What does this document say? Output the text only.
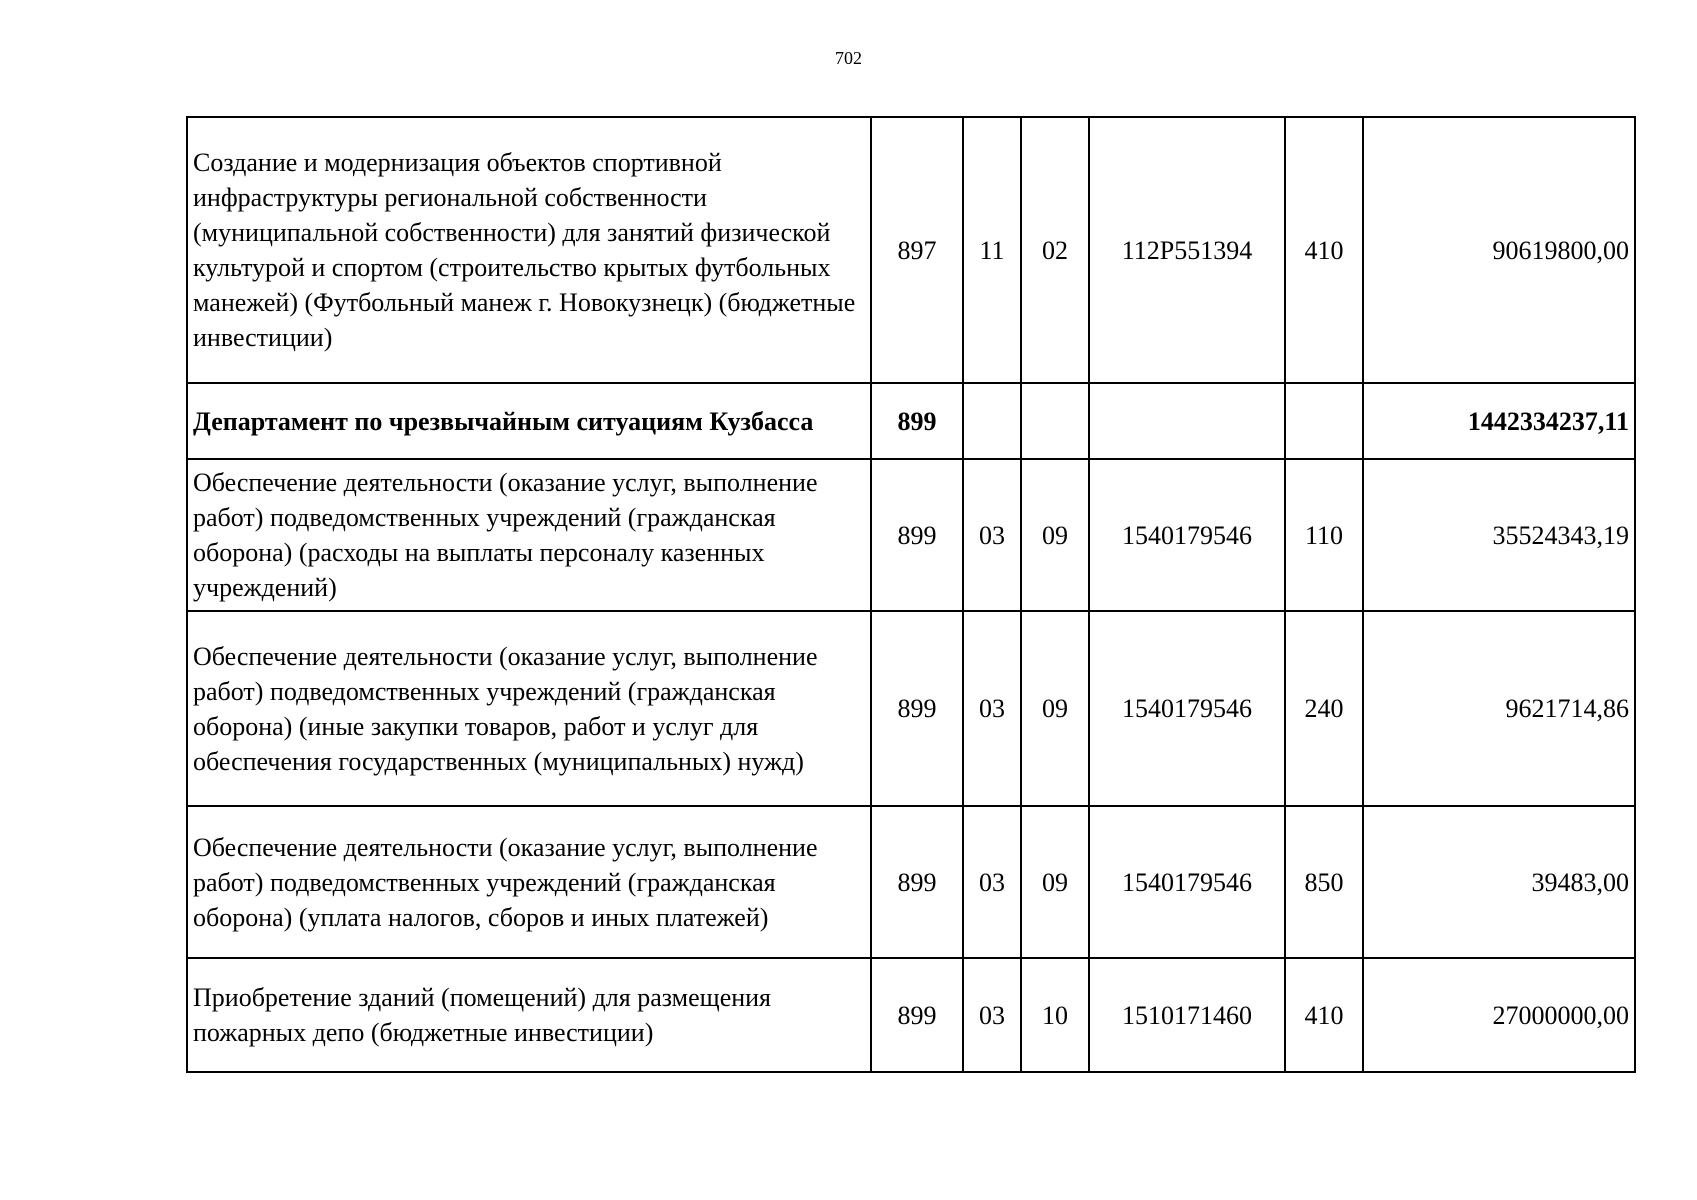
702
Создание и модернизация объектов спортивной инфраструктуры региональной собственности (муниципальной собственности) для занятий физической культурой и спортом (строительство крытых футбольных манежей) (Футбольный манеж г. Новокузнецк) (бюджетные инвестиции)	897	11	02	112P551394	410	90619800,00
Департамент по чрезвычайным ситуациям Кузбасса	899					1442334237,11
Обеспечение деятельности (оказание услуг, выполнение работ) подведомственных учреждений (гражданская оборона) (расходы на выплаты персоналу казенных учреждений)	899	03	09	1540179546	110	35524343,19
Обеспечение деятельности (оказание услуг, выполнение работ) подведомственных учреждений (гражданская оборона) (иные закупки товаров, работ и услуг для обеспечения государственных (муниципальных) нужд)	899	03	09	1540179546	240	9621714,86
Обеспечение деятельности (оказание услуг, выполнение работ) подведомственных учреждений (гражданская оборона) (уплата налогов, сборов и иных платежей)	899	03	09	1540179546	850	39483,00
Приобретение зданий (помещений) для размещения пожарных депо (бюджетные инвестиции)	899	03	10	1510171460	410	27000000,00
